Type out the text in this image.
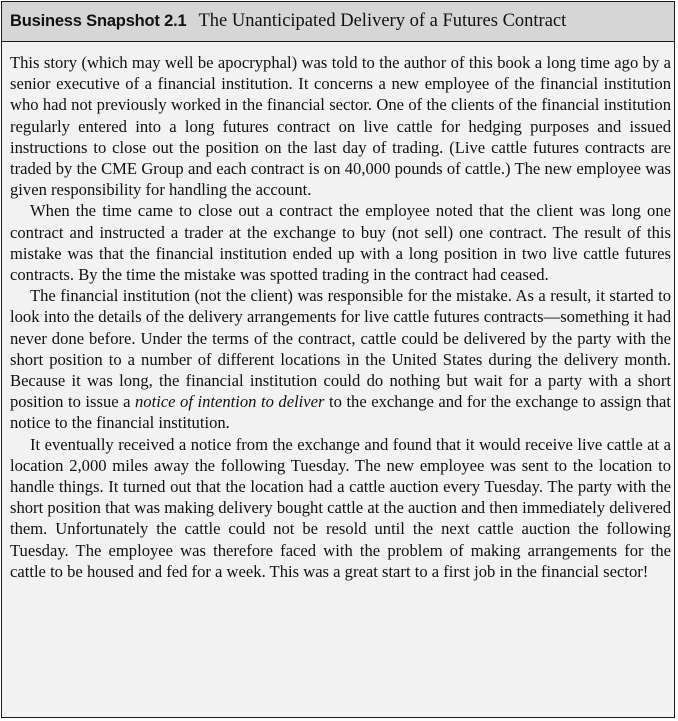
Business Snapshot 2.1 The Unanticipated Delivery of a Futures Contract

This story (which may well be apocryphal) was told to the author of this book a long time ago by a senior executive of a financial institution. It concerns a new employee of the financial institution who had not previously worked in the financial sector. One of the clients of the financial institution regularly entered into a long futures contract on live cattle for hedging purposes and issued instructions to close out the position on the last day of trading. (Live cattle futures contracts are traded by the CME Group and each contract is on 40,000 pounds of cattle.) The new employee was given responsibility for handling the account.

When the time came to close out a contract the employee noted that the client was long one contract and instructed a trader at the exchange to buy (not sell) one contract. The result of this mistake was that the financial institution ended up with a long position in two live cattle futures contracts. By the time the mistake was spotted trading in the contract had ceased.

The financial institution (not the client) was responsible for the mistake. As a result, it started to look into the details of the delivery arrangements for live cattle futures contracts—something it had never done before. Under the terms of the contract, cattle could be delivered by the party with the short position to a number of different locations in the United States during the delivery month. Because it was long, the financial institution could do nothing but wait for a party with a short position to issue a notice of intention to deliver to the exchange and for the exchange to assign that notice to the financial institution.

It eventually received a notice from the exchange and found that it would receive live cattle at a location 2,000 miles away the following Tuesday. The new employee was sent to the location to handle things. It turned out that the location had a cattle auction every Tuesday. The party with the short position that was making delivery bought cattle at the auction and then immediately delivered them. Unfortunately the cattle could not be resold until the next cattle auction the following Tuesday. The employee was therefore faced with the problem of making arrangements for the cattle to be housed and fed for a week. This was a great start to a first job in the financial sector!
